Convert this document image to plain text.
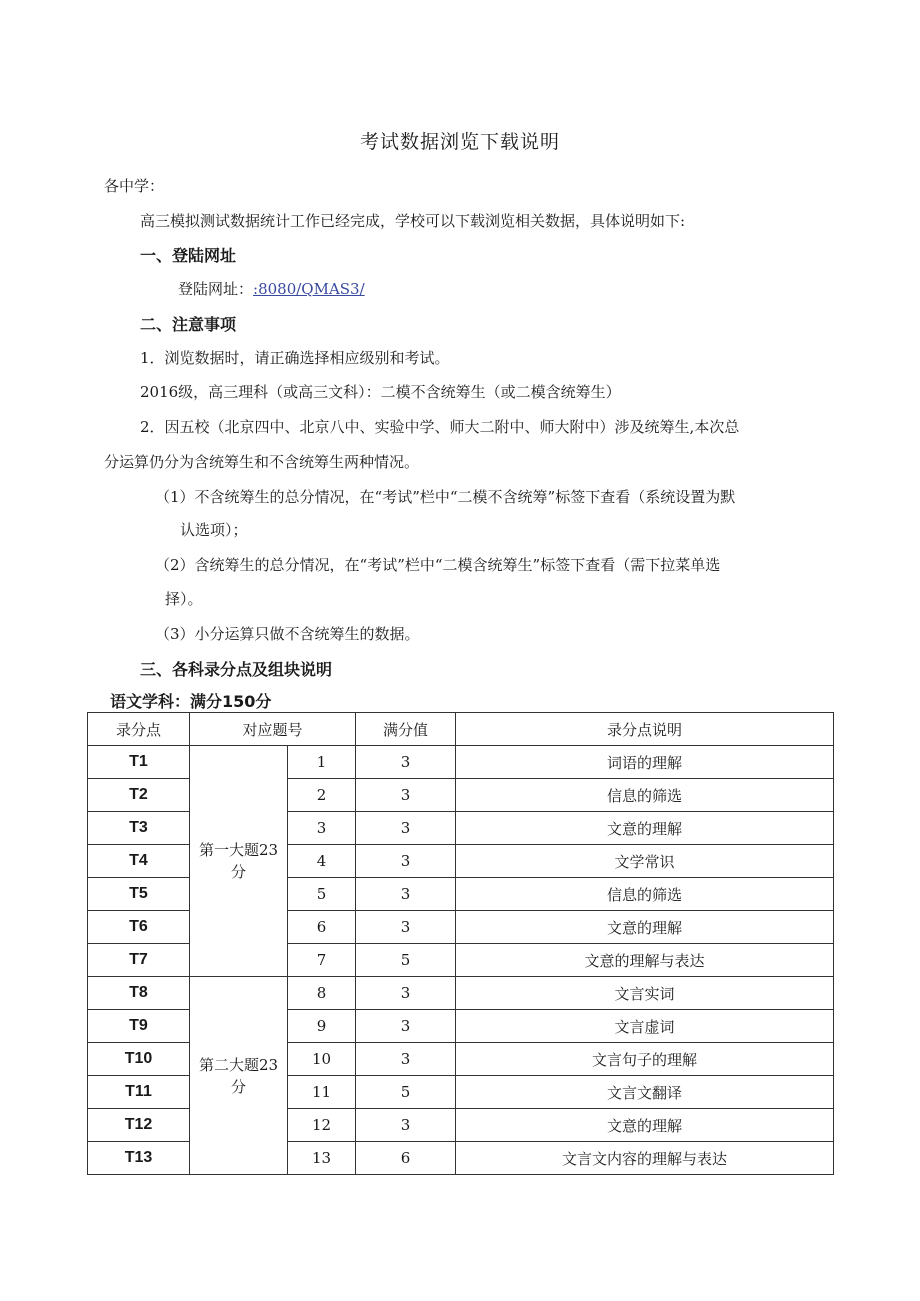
考试数据浏览下载说明
各中学：
高三模拟测试数据统计工作已经完成，学校可以下载浏览相关数据，具体说明如下:
一、登陆网址
登陆网址：:8080/QMAS3/
二、注意事项
1．浏览数据时，请正确选择相应级别和考试。
2016级，高三理科（或高三文科）：二模不含统筹生（或二模含统筹生）
2．因五校（北京四中、北京八中、实验中学、师大二附中、师大附中）涉及统筹生,本次总
分运算仍分为含统筹生和不含统筹生两种情况。
（1）不含统筹生的总分情况，在“考试”栏中“二模不含统筹”标签下查看（系统设置为默
认选项）；
（2）含统筹生的总分情况，在“考试”栏中“二模含统筹生”标签下查看（需下拉菜单选
择）。
（3）小分运算只做不含统筹生的数据。
三、各科录分点及组块说明
语文学科：满分150分
录分点	对应题号		满分值	录分点说明
T1	第一大题23分	1	3	词语的理解
T2		2	3	信息的筛选
T3		3	3	文意的理解
T4		4	3	文学常识
T5		5	3	信息的筛选
T6		6	3	文意的理解
T7		7	5	文意的理解与表达
T8	第二大题23分	8	3	文言实词
T9		9	3	文言虚词
T10		10	3	文言句子的理解
T11		11	5	文言文翻译
T12		12	3	文意的理解
T13		13	6	文言文内容的理解与表达
